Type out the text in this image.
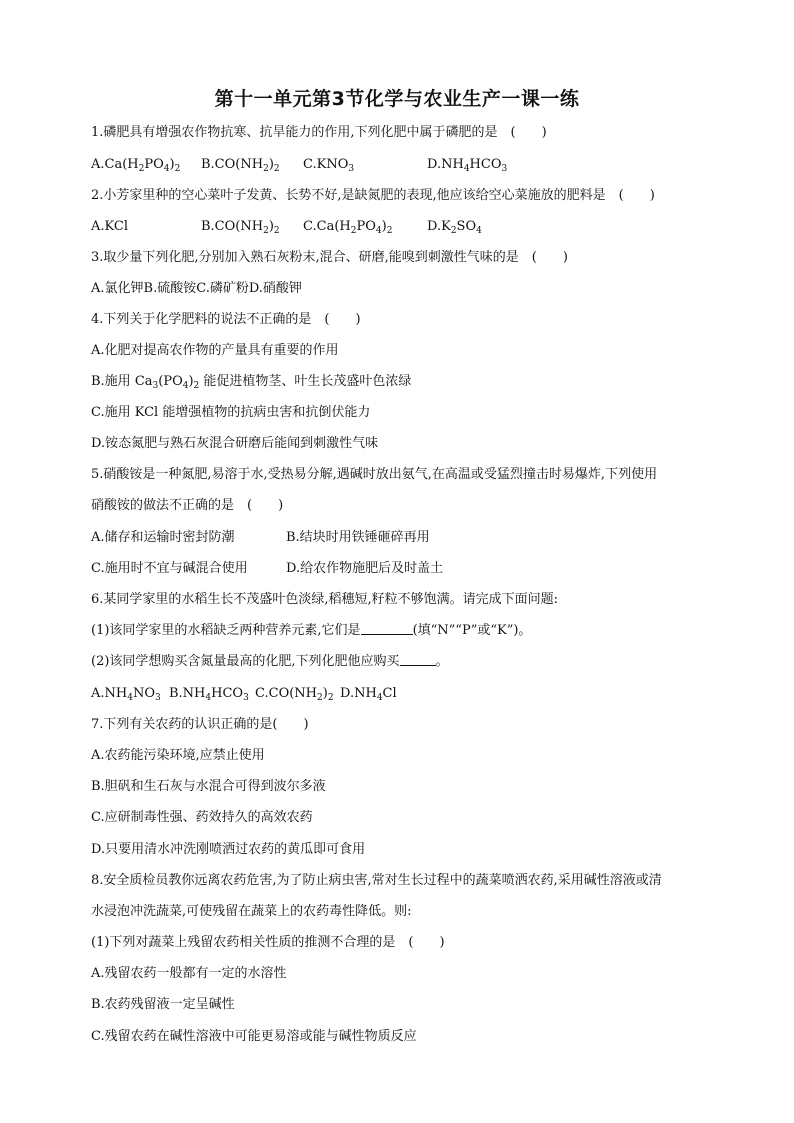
第十一单元第3节化学与农业生产一课一练
1.磷肥具有增强农作物抗寒、抗旱能力的作用,下列化肥中属于磷肥的是　(　　)
$A.Ca(H_2PO_4)_2$ $B.CO(NH_2)_2$ $C.KNO_3$	$D.NH_4HCO_3$
2.小芳家里种的空心菜叶子发黄、长势不好,是缺氮肥的表现,他应该给空心菜施放的肥料是　(　　)
A.KCl	$B.CO(NH_2)_2$ $C.Ca(H_2PO_4)_2$	$D.K_2SO_4$
3.取少量下列化肥,分别加入熟石灰粉末,混合、研磨,能嗅到刺激性气味的是　(　　)
A.氯化钾B.硫酸铵C.磷矿粉D.硝酸钾
4.下列关于化学肥料的说法不正确的是　(　　)
A.化肥对提高农作物的产量具有重要的作用
B.施用 $Ca_3(PO_4)_2$ 能促进植物茎、叶生长茂盛叶色浓绿
C.施用 KCl 能增强植物的抗病虫害和抗倒伏能力
D.铵态氮肥与熟石灰混合研磨后能闻到刺激性气味
5.硝酸铵是一种氮肥,易溶于水,受热易分解,遇碱时放出氨气,在高温或受猛烈撞击时易爆炸,下列使用
硝酸铵的做法不正确的是　(　　)
A.储存和运输时密封防潮	B.结块时用铁锤砸碎再用
C.施用时不宜与碱混合使用	D.给农作物施肥后及时盖土
6.某同学家里的水稻生长不茂盛叶色淡绿,稻穗短,籽粒不够饱满。请完成下面问题:
(1)该同学家里的水稻缺乏两种营养元素,它们是	(填“N”“P”或“K”)。
(2)该同学想购买含氮量最高的化肥,下列化肥他应购买	。
$A.NH_4NO_3$ $B.NH_4HCO_3$ $C.CO(NH_2)_2$ $D.NH_4Cl$
7.下列有关农药的认识正确的是(　　)
A.农药能污染环境,应禁止使用
B.胆矾和生石灰与水混合可得到波尔多液
C.应研制毒性强、药效持久的高效农药
D.只要用清水冲洗刚喷洒过农药的黄瓜即可食用
8.安全质检员教你远离农药危害,为了防止病虫害,常对生长过程中的蔬菜喷洒农药,采用碱性溶液或清
水浸泡冲洗蔬菜,可使残留在蔬菜上的农药毒性降低。则:
(1)下列对蔬菜上残留农药相关性质的推测不合理的是　(　　)
A.残留农药一般都有一定的水溶性
B.农药残留液一定呈碱性
C.残留农药在碱性溶液中可能更易溶或能与碱性物质反应
